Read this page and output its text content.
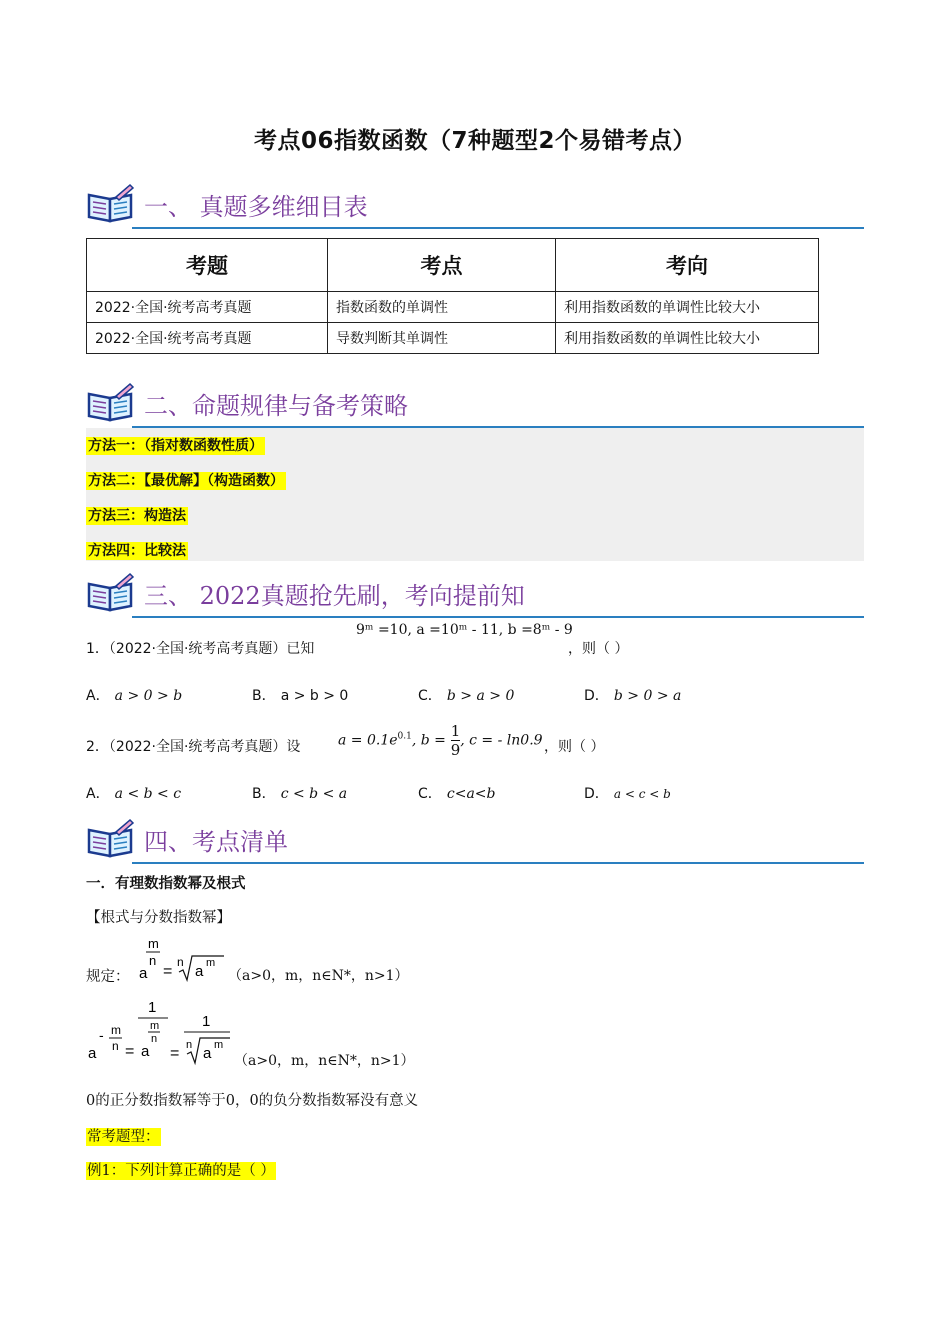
考点06指数函数（7种题型2个易错考点）
一、 真题多维细目表
考题	考点	考向
2022·全国·统考高考真题	指数函数的单调性	利用指数函数的单调性比较大小
2022·全国·统考高考真题	导数判断其单调性	利用指数函数的单调性比较大小
二、命题规律与备考策略
方法一：（指对数函数性质）
方法二：【最优解】（构造函数）
方法三：构造法
方法四：比较法
三、 2022真题抢先刷，考向提前知
1．（2022·全国·统考高考真题）已知
9ᵐ =10, a =10ᵐ - 11, b =8ᵐ - 9
，则（ ）
A． a > 0 > b	B． a > b > 0	C． b > a > 0	D． b > 0 > a
2．（2022·全国·统考高考真题）设	$a = 0.1e^{0.1}$, $b = \frac{1}{9}$ , c = - ln0.9 ，则（ ）
A． a < b < c	B． c < b < a	C． c<a<b	D． a < c < b
四、考点清单
一．有理数指数幂及根式
【根式与分数指数幂】
规定：
m
n
a =
n
a m
（a>0，m，n∈N*，n>1）
a
- m
n =
1
m
n
a =
1
n a m
（a>0，m，n∈N*，n>1）
0的正分数指数幂等于0，0的负分数指数幂没有意义
常考题型：
例1：下列计算正确的是（ ）
